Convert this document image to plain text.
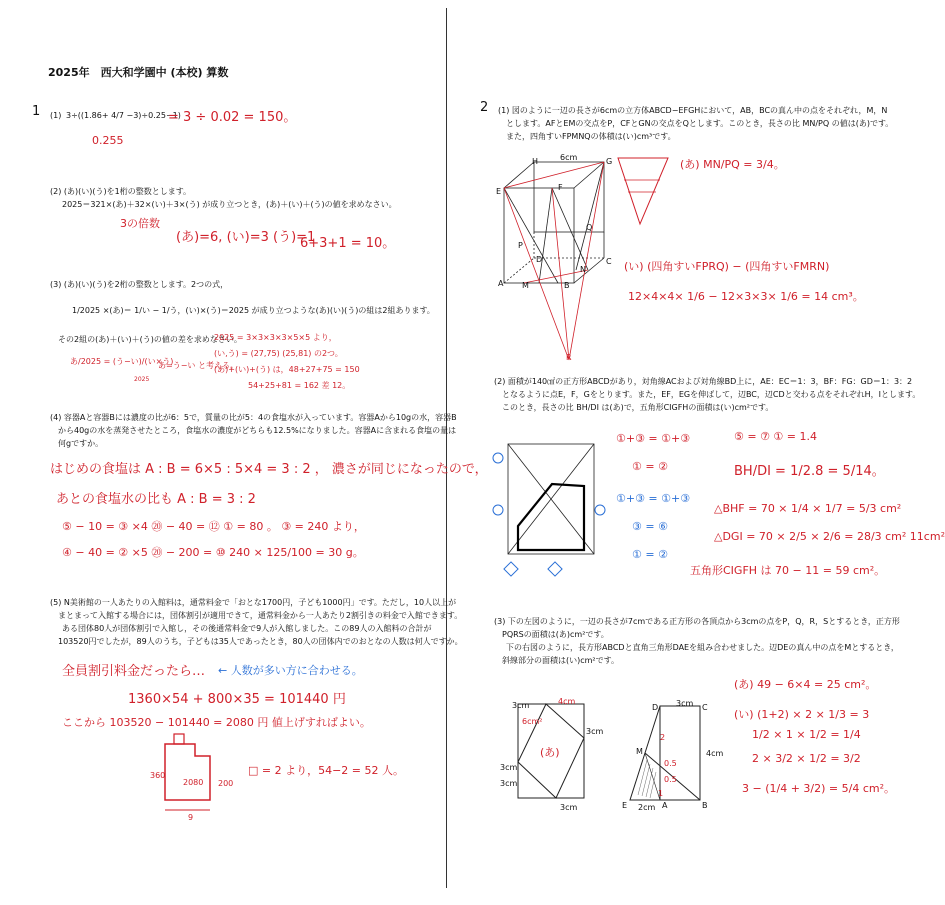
2025年　西大和学園中 (本校) 算数
1 (1) 3÷((1.86+ 4/7 −3)÷0.25−1)
= 3 ÷ 0.02 = 150。
0.255
(2) (あ)(い)(う)を1桁の整数とします。
2025＝321×(あ)＋32×(い)＋3×(う) が成り立つとき，(あ)＋(い)＋(う)の値を求めなさい。
3の倍数
(あ)=6, (い)=3 (う)=1
6+3+1 = 10。
(3) (あ)(い)(う)を2桁の整数とします。2つの式，
1/2025 ×(あ)＝ 1/い − 1/う，(い)×(う)＝2025 が成り立つような(あ)(い)(う)の組は2組あります。
その2組の(あ)＋(い)＋(う)の値の差を求めなさい。
2025 = 3×3×3×3×5×5 より，
(い,う) = (27,75) (25,81) の2つ。
(あ)+(い)+(う) は，48+27+75 = 150
54+25+81 = 162 差 12。
あ/2025 = (う−い)/(い×う)
あ=う−い と考える。
2025
(4) 容器Aと容器Bには濃度の比が6：5で，質量の比が5：4の食塩水が入っています。容器Aから10gの水，容器B
から40gの水を蒸発させたところ，食塩水の濃度がどちらも12.5%になりました。容器Aに含まれる食塩の量は
何gですか。
はじめの食塩は A : B = 6×5 : 5×4 = 3 : 2 ， 濃さが同じになったので，
あとの食塩水の比も A : B = 3 : 2
⑤ − 10 = ③ ×4 ⑳ − 40 = ⑫ ① = 80 。 ③ = 240 より，
④ − 40 = ② ×5 ⑳ − 200 = ⑩ 240 × 125/100 = 30 g。
(5) N美術館の一人あたりの入館料は，通常料金で「おとな1700円，子ども1000円」です。ただし，10人以上が
まとまって入館する場合には，団体割引が適用できて，通常料金から一人あたり2割引きの料金で入館できます。
ある団体80人が団体割引で入館し，その後通常料金で9人が入館しました。この89人の入館料の合計が
103520円でしたが，89人のうち，子どもは35人であったとき，80人の団体内でのおとなの人数は何人ですか。
全員割引料金だったら… ← 人数が多い方に合わせる。
1360×54 + 800×35 = 101440 円
ここから 103520 − 101440 = 2080 円 値上げすればよい。
2080
360
200
9
□ = 2 より，54−2 = 52 人。
2 (1) 図のように一辺の長さが6cmの立方体ABCD−EFGHにおいて，AB，BCの真ん中の点をそれぞれ，M，N
とします。AFとEMの交点をP，CFとGNの交点をQとします。このとき，長さの比 MN/PQ の値は(あ)です。
また，四角すいFPMNQの体積は(い)cm³です。
6cm
H	G
E	F
D	C
A M	B
N
P
Q
R
(あ) MN/PQ = 3/4。
(い) (四角すいFPRQ) − (四角すいFMRN)
12×4×4× 1/6 − 12×3×3× 1/6 = 14 cm³。
(2) 面積が140㎠の正方形ABCDがあり，対角線ACおよび対角線BD上に，AE：EC＝1：3，BF：FG：GD＝1：3：2
となるように点E，F，Gをとります。また，EF，EGを伸ばして，辺BC，辺CDと交わる点をそれぞれH，Iとします。
このとき，長さの比 BH/DI は(あ)で，五角形CIGFHの面積は(い)cm²です。
①+③ = ①+③
① = ②
①+③ = ①+③
③ = ⑥
① = ②
⑤ = ⑦ ① = 1.4
BH/DI = 1/2.8 = 5/14。
△BHF = 70 × 1/4 × 1/7 = 5/3 cm²
△DGI = 70 × 2/5 × 2/6 = 28/3 cm² 11cm²
五角形CIGFH は 70 − 11 = 59 cm²。
(3) 下の左図のように，一辺の長さが7cmである正方形の各頂点から3cmの点をP，Q，R，Sとするとき，正方形
PQRSの面積は(あ)cm²です。
下の右図のように，長方形ABCDと直角三角形DAEを組み合わせました。辺DEの真ん中の点をMとするとき，
斜線部分の面積は(い)cm²です。
(あ) 49 − 6×4 = 25 cm²。
3cm	4cm
3cm
3cm
3cm
3cm
(あ)
6cm²
3cm
4cm
2cm
D	C
A	B
E
M
2
0.5
0.5
1
(い) (1+2) × 2 × 1/3 = 3
1/2 × 1 × 1/2 = 1/4
2 × 3/2 × 1/2 = 3/2
3 − (1/4 + 3/2) = 5/4 cm²。
